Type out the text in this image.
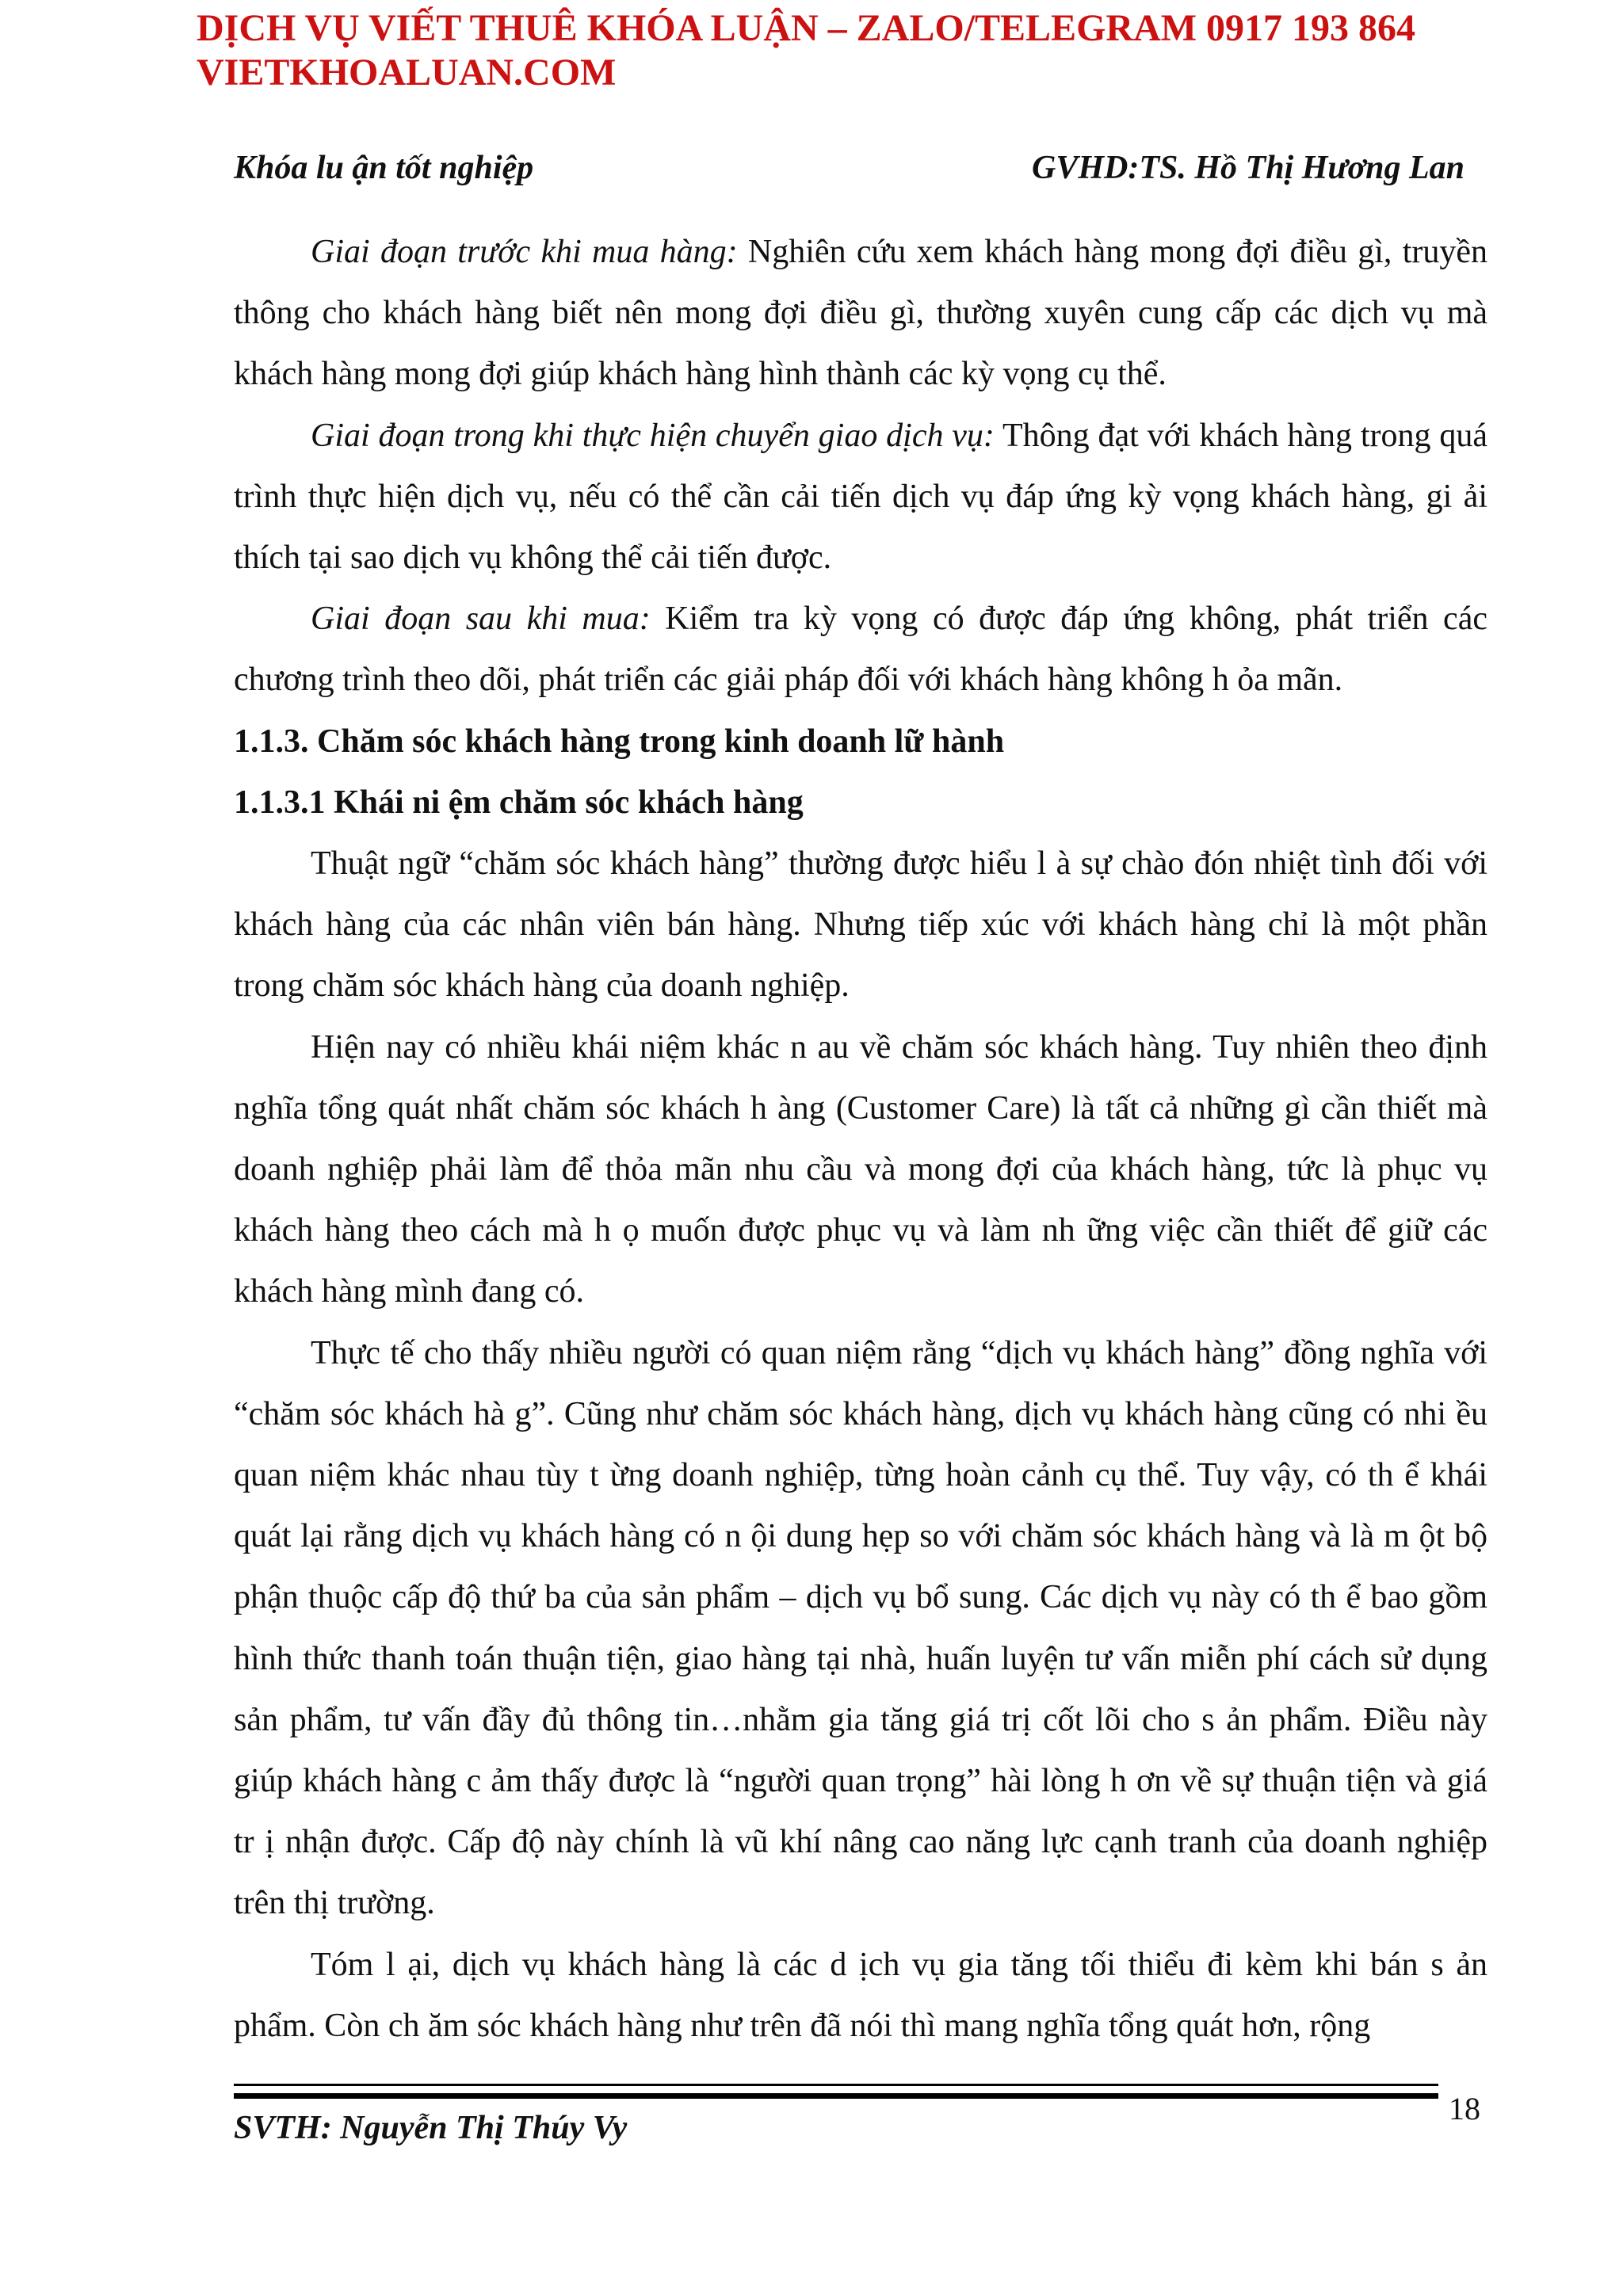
DỊCH VỤ VIẾT THUÊ KHÓA LUẬN – ZALO/TELEGRAM 0917 193 864
VIETKHOALUAN.COM
Khóa lu ận tốt nghiệp	GVHD:TS. Hồ Thị Hương Lan

Giai đoạn trước khi mua hàng: Nghiên cứu xem khách hàng mong đợi điều gì, truyền thông cho khách hàng biết nên mong đợi điều gì, thường xuyên cung cấp các dịch vụ mà khách hàng mong đợi giúp khách hàng hình thành các kỳ vọng cụ thể.

Giai đoạn trong khi thực hiện chuyển giao dịch vụ: Thông đạt với khách hàng trong quá trình thực hiện dịch vụ, nếu có thể cần cải tiến dịch vụ đáp ứng kỳ vọng khách hàng, gi ải thích tại sao dịch vụ không thể cải tiến được.

Giai đoạn sau khi mua: Kiểm tra kỳ vọng có được đáp ứng không, phát triển các chương trình theo dõi, phát triển các giải pháp đối với khách hàng không h ỏa mãn.

1.1.3. Chăm sóc khách hàng trong kinh doanh lữ hành

1.1.3.1 Khái ni ệm chăm sóc khách hàng

Thuật ngữ “chăm sóc khách hàng” thường được hiểu l à sự chào đón nhiệt tình đối với khách hàng của các nhân viên bán hàng. Nhưng tiếp xúc với khách hàng chỉ là một phần trong chăm sóc khách hàng của doanh nghiệp.

Hiện nay có nhiều khái niệm khác n au về chăm sóc khách hàng. Tuy nhiên theo định nghĩa tổng quát nhất chăm sóc khách h àng (Customer Care) là tất cả những gì cần thiết mà doanh nghiệp phải làm để thỏa mãn nhu cầu và mong đợi của khách hàng, tức là phục vụ khách hàng theo cách mà h ọ muốn được phục vụ và làm nh ững việc cần thiết để giữ các khách hàng mình đang có.

Thực tế cho thấy nhiều người có quan niệm rằng “dịch vụ khách hàng” đồng nghĩa với “chăm sóc khách hà g”. Cũng như chăm sóc khách hàng, dịch vụ khách hàng cũng có nhi ều quan niệm khác nhau tùy t ừng doanh nghiệp, từng hoàn cảnh cụ thể. Tuy vậy, có th ể khái quát lại rằng dịch vụ khách hàng có n ội dung hẹp so với chăm sóc khách hàng và là m ột bộ phận thuộc cấp độ thứ ba của sản phẩm – dịch vụ bổ sung. Các dịch vụ này có th ể bao gồm hình thức thanh toán thuận tiện, giao hàng tại nhà, huấn luyện tư vấn miễn phí cách sử dụng sản phẩm, tư vấn đầy đủ thông tin…nhằm gia tăng giá trị cốt lõi cho s ản phẩm. Điều này giúp khách hàng c ảm thấy được là “người quan trọng” hài lòng h ơn về sự thuận tiện và giá tr ị nhận được. Cấp độ này chính là vũ khí nâng cao năng lực cạnh tranh của doanh nghiệp trên thị trường.

Tóm l ại, dịch vụ khách hàng là các d ịch vụ gia tăng tối thiểu đi kèm khi bán s ản phẩm. Còn ch ăm sóc khách hàng như trên đã nói thì mang nghĩa tổng quát hơn, rộng

18
SVTH: Nguyễn Thị Thúy Vy
